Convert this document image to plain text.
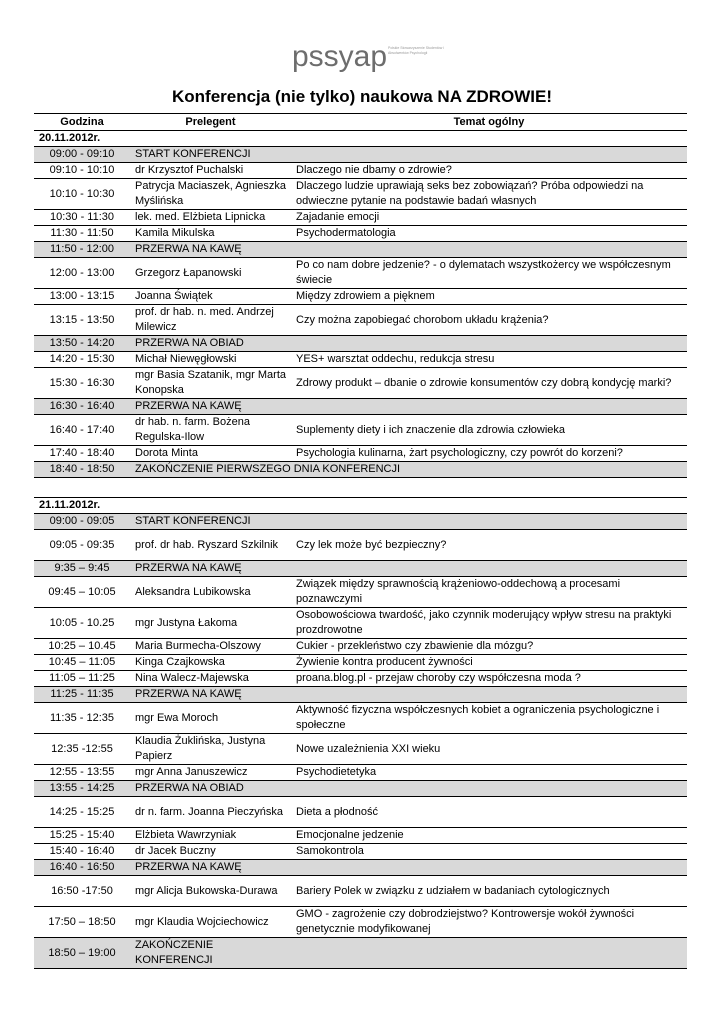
pssyap Polskie Stowarzyszenie Studentów i Absolwentów Psychologii
Konferencja (nie tylko) naukowa NA ZDROWIE!
Godzina	Prelegent	Temat ogólny
20.11.2012r.		
09:00 - 09:10	START KONFERENCJI	
09:10 - 10:10	dr Krzysztof Puchalski	Dlaczego nie dbamy o zdrowie?
10:10 - 10:30	Patrycja Maciaszek, Agnieszka Myślińska	Dlaczego ludzie uprawiają seks bez zobowiązań? Próba odpowiedzi na odwieczne pytanie na podstawie badań własnych
10:30 - 11:30	lek. med. Elżbieta Lipnicka	Zajadanie emocji
11:30 - 11:50	Kamila Mikulska	Psychodermatologia
11:50 - 12:00	PRZERWA NA KAWĘ	
12:00 - 13:00	Grzegorz Łapanowski	Po co nam dobre jedzenie? - o dylematach wszystkożercy we współczesnym świecie
13:00 - 13:15	Joanna Świątek	Między zdrowiem a pięknem
13:15 - 13:50	prof. dr hab. n. med. Andrzej Milewicz	Czy można zapobiegać chorobom układu krążenia?
13:50 - 14:20	PRZERWA NA OBIAD	
14:20 - 15:30	Michał Niewęgłowski	YES+ warsztat oddechu, redukcja stresu
15:30 - 16:30	mgr Basia Szatanik, mgr Marta Konopska	Zdrowy produkt – dbanie o zdrowie konsumentów czy dobrą kondycję marki?
16:30 - 16:40	PRZERWA NA KAWĘ	
16:40 - 17:40	dr hab. n. farm. Bożena Regulska-Ilow	Suplementy diety i ich znaczenie dla zdrowia człowieka
17:40 - 18:40	Dorota Minta	Psychologia kulinarna, żart psychologiczny, czy powrót do korzeni?
18:40 - 18:50	ZAKOŃCZENIE PIERWSZEGO DNIA KONFERENCJI	

21.11.2012r.		
09:00 - 09:05	START KONFERENCJI	
09:05 - 09:35	prof. dr hab. Ryszard Szkilnik	Czy lek może być bezpieczny?
9:35 – 9:45	PRZERWA NA KAWĘ	
09:45 – 10:05	Aleksandra Lubikowska	Związek między sprawnością krążeniowo-oddechową a procesami poznawczymi
10:05 - 10.25	mgr Justyna Łakoma	Osobowościowa twardość, jako czynnik moderujący wpływ stresu na praktyki prozdrowotne
10:25 – 10.45	Maria Burmecha-Olszowy	Cukier - przekleństwo czy zbawienie dla mózgu?
10:45 – 11:05	Kinga Czajkowska	Żywienie kontra producent żywności
11:05 – 11:25	Nina Walecz-Majewska	proana.blog.pl - przejaw choroby czy współczesna moda ?
11:25 - 11:35	PRZERWA NA KAWĘ	
11:35 - 12:35	mgr Ewa Moroch	Aktywność fizyczna współczesnych kobiet a ograniczenia psychologiczne i społeczne
12:35 -12:55	Klaudia Żuklińska, Justyna Papierz	Nowe uzależnienia XXI wieku
12:55 - 13:55	mgr Anna Januszewicz	Psychodietetyka
13:55 - 14:25	PRZERWA NA OBIAD	
14:25 - 15:25	dr n. farm. Joanna Pieczyńska	Dieta a płodność
15:25 - 15:40	Elżbieta Wawrzyniak	Emocjonalne jedzenie
15:40 - 16:40	dr Jacek Buczny	Samokontrola
16:40 - 16:50	PRZERWA NA KAWĘ	
16:50 -17:50	mgr Alicja Bukowska-Durawa	Bariery Polek w związku z udziałem w badaniach cytologicznych
17:50 – 18:50	mgr Klaudia Wojciechowicz	GMO - zagrożenie czy dobrodziejstwo? Kontrowersje wokół żywności genetycznie modyfikowanej
18:50 – 19:00	ZAKOŃCZENIE KONFERENCJI	
